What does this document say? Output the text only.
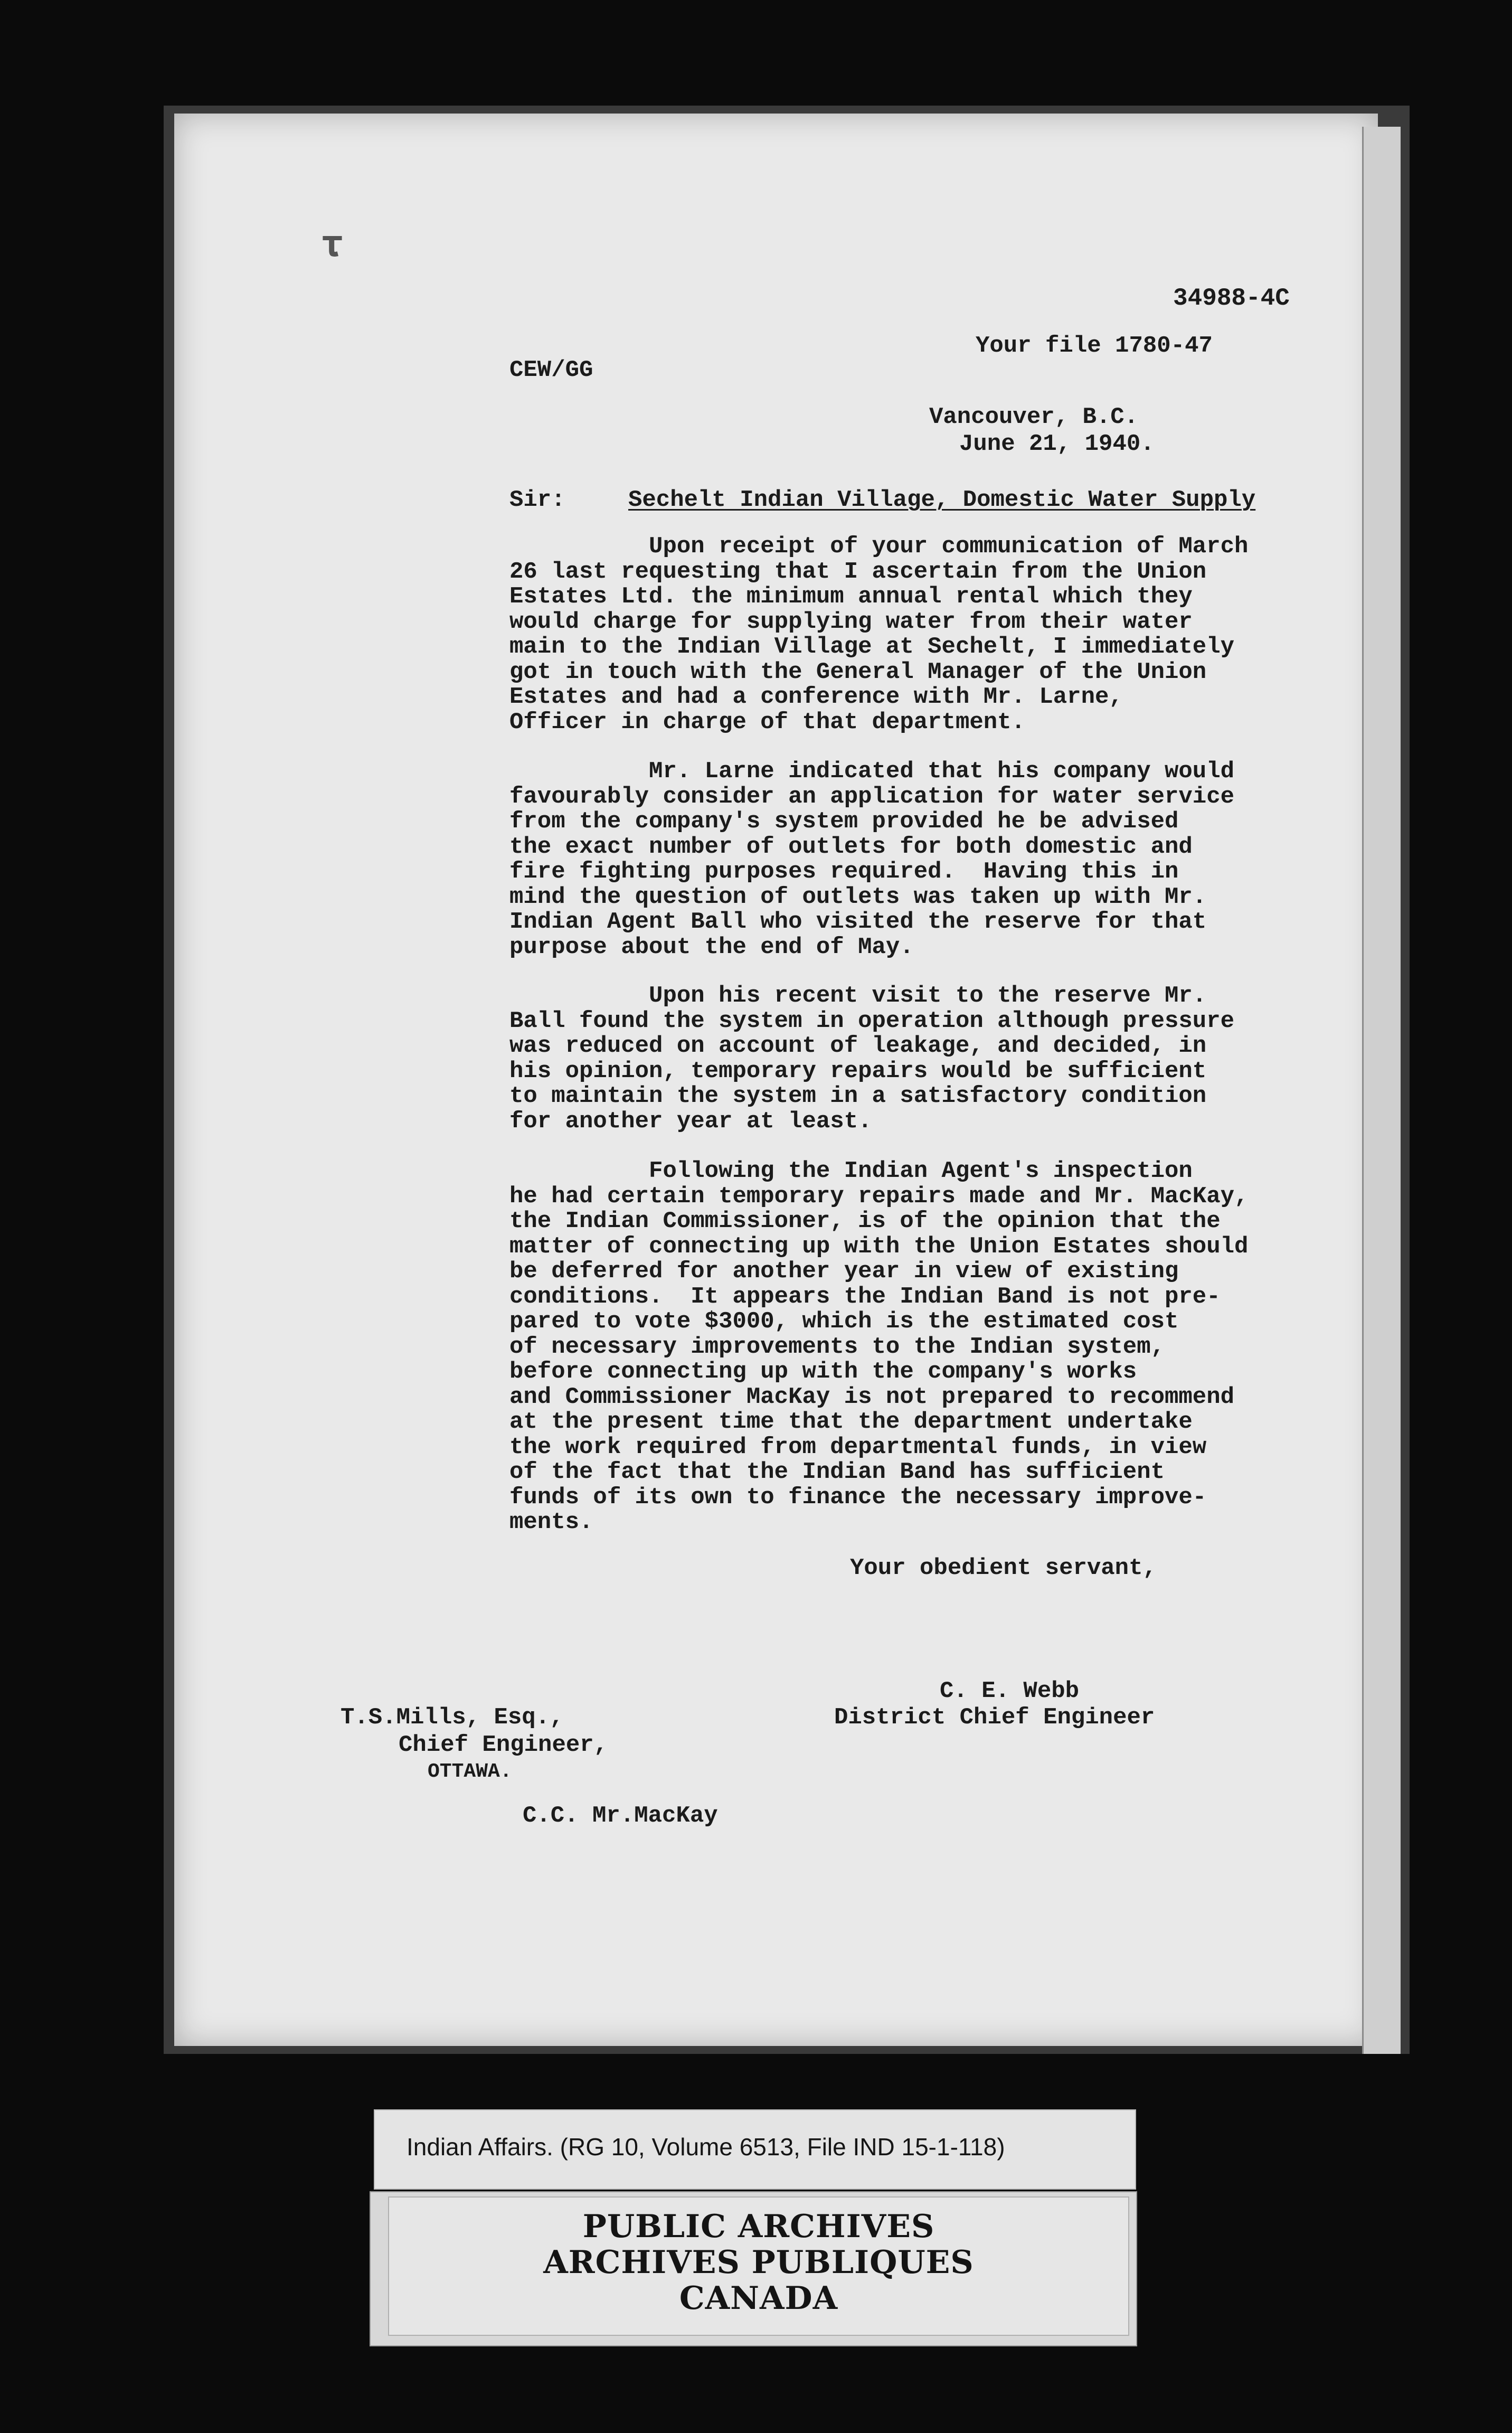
𝛕
34988-4C
Your file 1780-47
CEW/GG
Vancouver, B.C.
June 21, 1940.
Sir:	Sechelt Indian Village, Domestic Water Supply
Upon receipt of your communication of March
26 last requesting that I ascertain from the Union
Estates Ltd. the minimum annual rental which they
would charge for supplying water from their water
main to the Indian Village at Sechelt, I immediately
got in touch with the General Manager of the Union
Estates and had a conference with Mr. Larne,
Officer in charge of that department.
Mr. Larne indicated that his company would
favourably consider an application for water service
from the company's system provided he be advised
the exact number of outlets for both domestic and
fire fighting purposes required.  Having this in
mind the question of outlets was taken up with Mr.
Indian Agent Ball who visited the reserve for that
purpose about the end of May.
Upon his recent visit to the reserve Mr.
Ball found the system in operation although pressure
was reduced on account of leakage, and decided, in
his opinion, temporary repairs would be sufficient
to maintain the system in a satisfactory condition
for another year at least.
Following the Indian Agent's inspection
he had certain temporary repairs made and Mr. MacKay,
the Indian Commissioner, is of the opinion that the
matter of connecting up with the Union Estates should
be deferred for another year in view of existing
conditions.  It appears the Indian Band is not pre-
pared to vote $3000, which is the estimated cost
of necessary improvements to the Indian system,
before connecting up with the company's works
and Commissioner MacKay is not prepared to recommend
at the present time that the department undertake
the work required from departmental funds, in view
of the fact that the Indian Band has sufficient
funds of its own to finance the necessary improve-
ments.
Your obedient servant,
C. E. Webb
District Chief Engineer
T.S.Mills, Esq.,
Chief Engineer,
OTTAWA.
C.C. Mr.MacKay
Indian Affairs. (RG 10, Volume 6513, File IND 15-1-118)
PUBLIC ARCHIVES
ARCHIVES PUBLIQUES
CANADA
